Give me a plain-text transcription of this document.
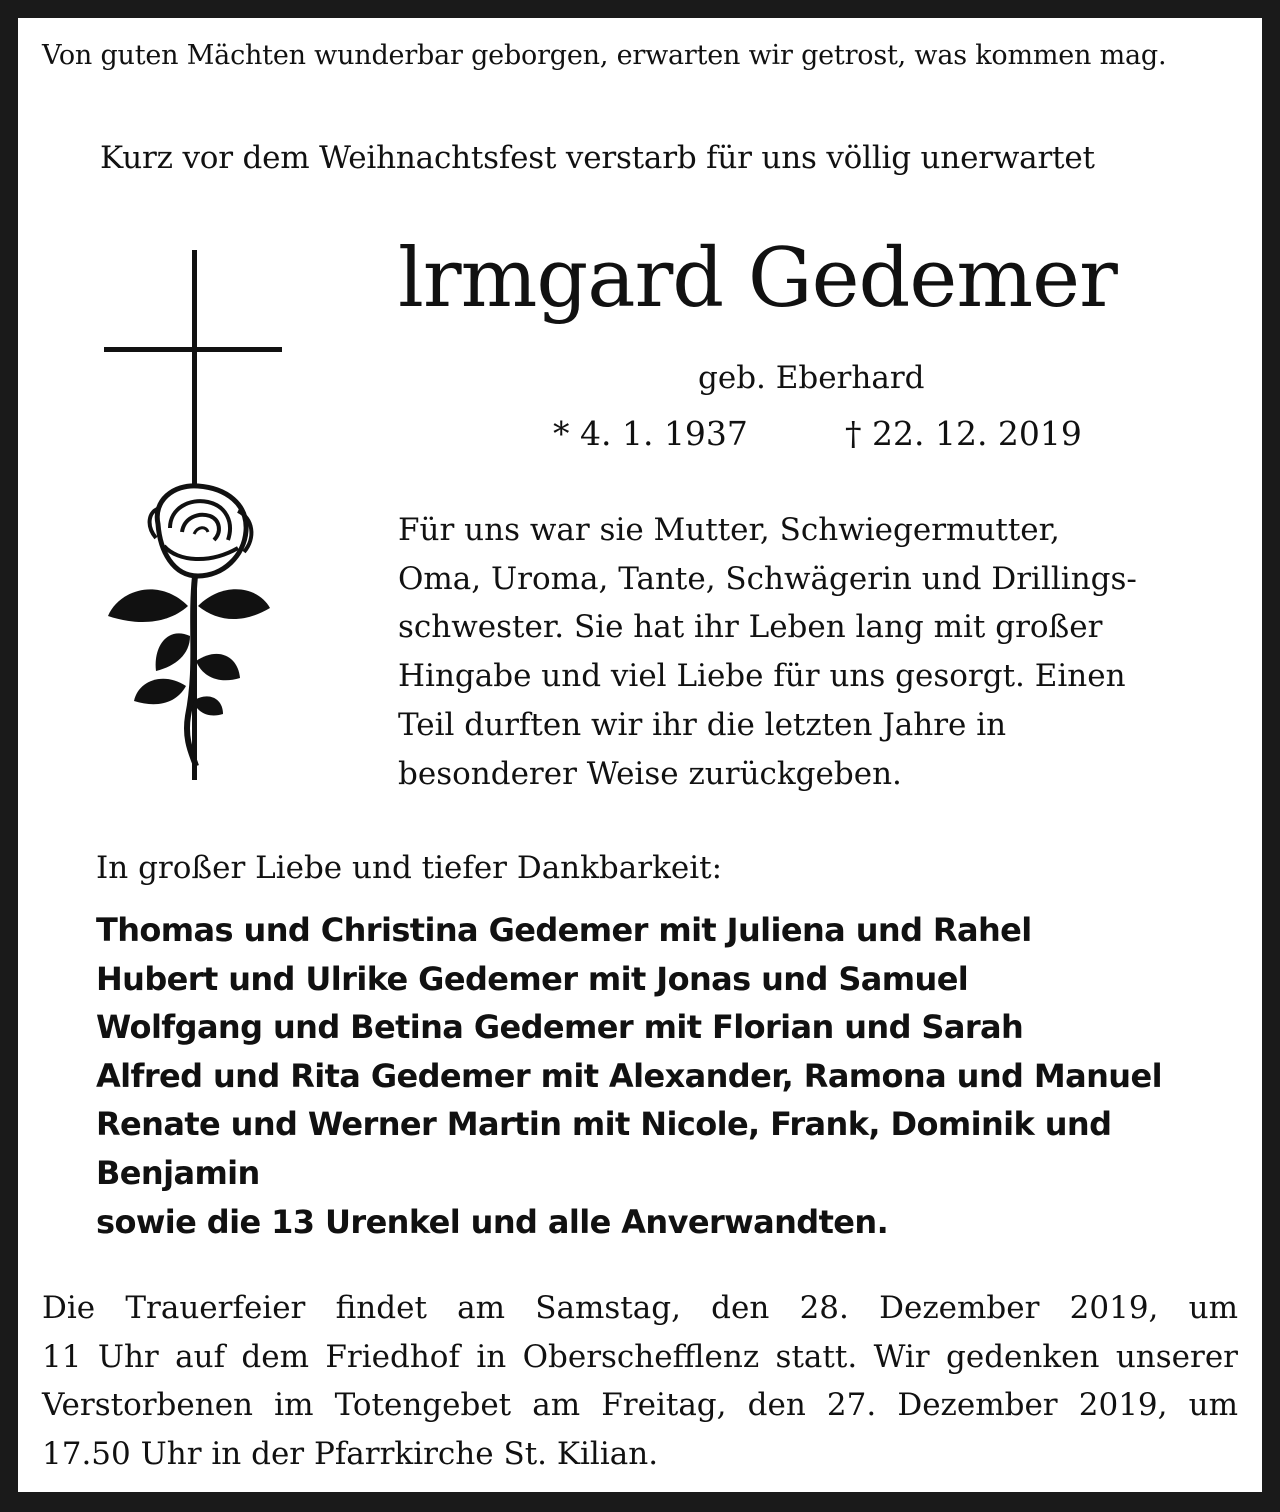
Von guten Mächten wunderbar geborgen, erwarten wir getrost, was kommen mag.

Kurz vor dem Weihnachtsfest verstarb für uns völlig unerwartet

lrmgard Gedemer

geb. Eberhard

* 4. 1. 1937	† 22. 12. 2019

Für uns war sie Mutter, Schwiegermutter,
Oma, Uroma, Tante, Schwägerin und Drillings-
schwester. Sie hat ihr Leben lang mit großer
Hingabe und viel Liebe für uns gesorgt. Einen
Teil durften wir ihr die letzten Jahre in
besonderer Weise zurückgeben.

In großer Liebe und tiefer Dankbarkeit:

Thomas und Christina Gedemer mit Juliena und Rahel
Hubert und Ulrike Gedemer mit Jonas und Samuel
Wolfgang und Betina Gedemer mit Florian und Sarah
Alfred und Rita Gedemer mit Alexander, Ramona und Manuel
Renate und Werner Martin mit Nicole, Frank, Dominik und
Benjamin
sowie die 13 Urenkel und alle Anverwandten.
Die Trauerfeier findet am Samstag, den 28. Dezember 2019, um
11 Uhr auf dem Friedhof in Oberschefflenz statt. Wir gedenken unserer
Verstorbenen im Totengebet am Freitag, den 27. Dezember 2019, um
17.50 Uhr in der Pfarrkirche St. Kilian.
